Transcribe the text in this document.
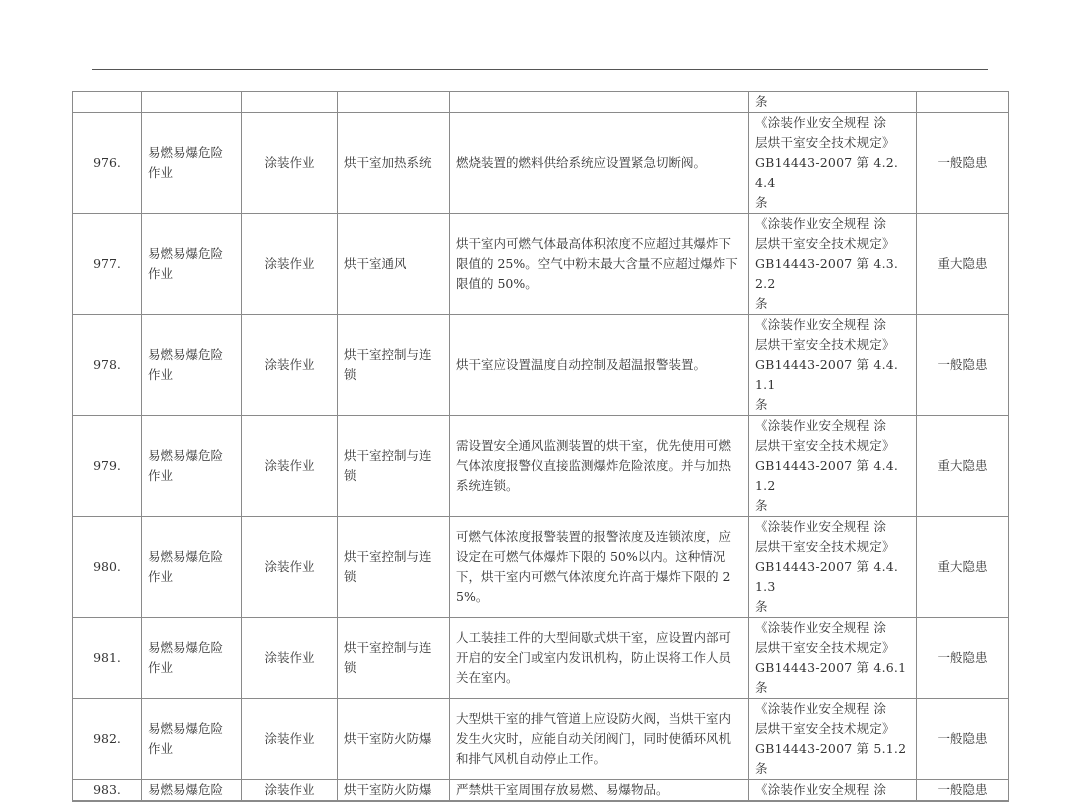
					条	
976.	易燃易爆危险
作业	涂装作业	烘干室加热系统	燃烧装置的燃料供给系统应设置紧急切断阀。	《涂装作业安全规程 涂
层烘干室安全技术规定》
GB14443-2007 第 4.2.4.4
条	一般隐患
977.	易燃易爆危险
作业	涂装作业	烘干室通风	烘干室内可燃气体最高体积浓度不应超过其爆炸下限值的 25%。空气中粉末最大含量不应超过爆炸下限值的 50%。	《涂装作业安全规程 涂
层烘干室安全技术规定》
GB14443-2007 第 4.3.2.2
条	重大隐患
978.	易燃易爆危险
作业	涂装作业	烘干室控制与连
锁	烘干室应设置温度自动控制及超温报警装置。	《涂装作业安全规程 涂
层烘干室安全技术规定》
GB14443-2007 第 4.4.1.1
条	一般隐患
979.	易燃易爆危险
作业	涂装作业	烘干室控制与连
锁	需设置安全通风监测装置的烘干室，优先使用可燃气体浓度报警仪直接监测爆炸危险浓度。并与加热系统连锁。	《涂装作业安全规程 涂
层烘干室安全技术规定》
GB14443-2007 第 4.4.1.2
条	重大隐患
980.	易燃易爆危险
作业	涂装作业	烘干室控制与连
锁	可燃气体浓度报警装置的报警浓度及连锁浓度，应设定在可燃气体爆炸下限的 50%以内。这种情况下，烘干室内可燃气体浓度允许高于爆炸下限的 25%。	《涂装作业安全规程 涂
层烘干室安全技术规定》
GB14443-2007 第 4.4.1.3
条	重大隐患
981.	易燃易爆危险
作业	涂装作业	烘干室控制与连
锁	人工装挂工件的大型间歇式烘干室，应设置内部可开启的安全门或室内发讯机构，防止误将工作人员关在室内。	《涂装作业安全规程 涂
层烘干室安全技术规定》
GB14443-2007 第 4.6.1 条	一般隐患
982.	易燃易爆危险
作业	涂装作业	烘干室防火防爆	大型烘干室的排气管道上应设防火阀，当烘干室内发生火灾时，应能自动关闭阀门，同时使循环风机和排气风机自动停止工作。	《涂装作业安全规程 涂
层烘干室安全技术规定》
GB14443-2007 第 5.1.2 条	一般隐患
983.	易燃易爆危险	涂装作业	烘干室防火防爆	严禁烘干室周围存放易燃、易爆物品。	《涂装作业安全规程 涂	一般隐患
